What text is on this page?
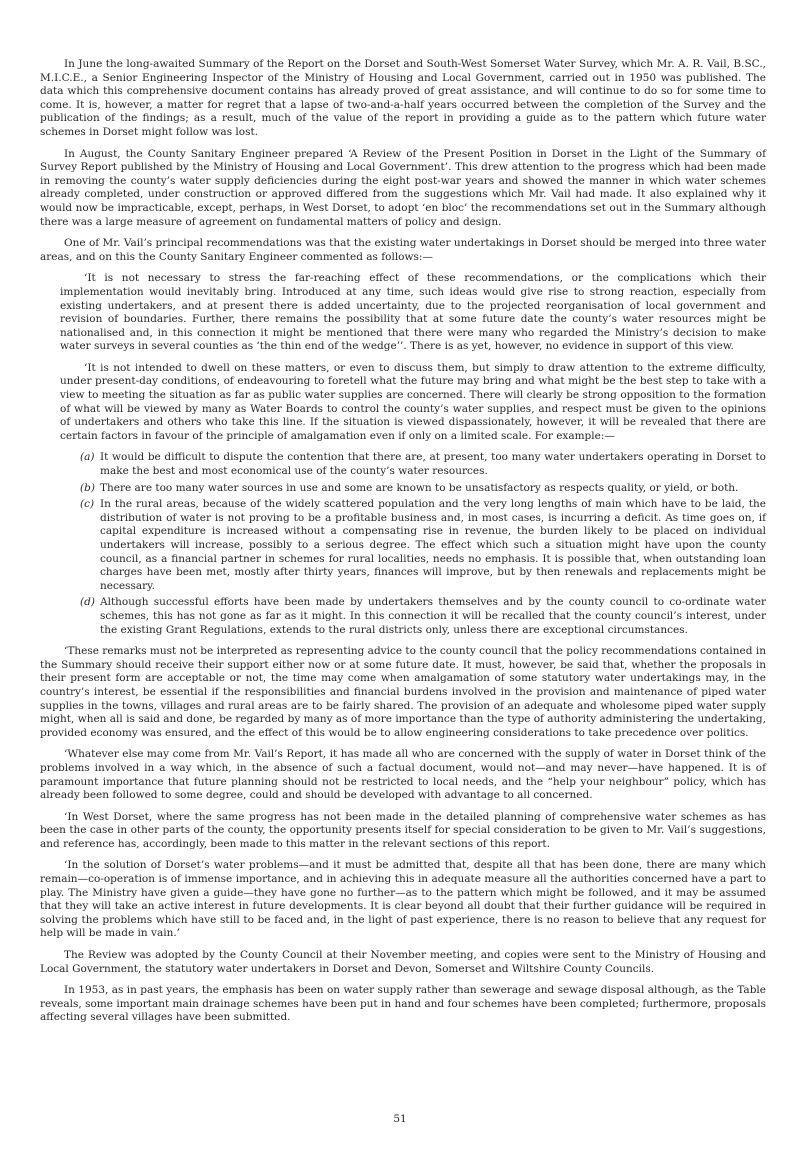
In June the long-awaited Summary of the Report on the Dorset and South-West Somerset Water Survey, which Mr. A. R. Vail, B.SC., M.I.C.E., a Senior Engineering Inspector of the Ministry of Housing and Local Government, carried out in 1950 was published. The data which this comprehensive document contains has already proved of great assistance, and will continue to do so for some time to come. It is, however, a matter for regret that a lapse of two-and-a-half years occurred between the completion of the Survey and the publication of the findings; as a result, much of the value of the report in providing a guide as to the pattern which future water schemes in Dorset might follow was lost.

In August, the County Sanitary Engineer prepared ‘A Review of the Present Position in Dorset in the Light of the Summary of Survey Report published by the Ministry of Housing and Local Government’. This drew attention to the progress which had been made in removing the county’s water supply deficiencies during the eight post-war years and showed the manner in which water schemes already completed, under construction or approved differed from the suggestions which Mr. Vail had made. It also explained why it would now be impracticable, except, perhaps, in West Dorset, to adopt ‘en bloc’ the recommendations set out in the Summary although there was a large measure of agreement on fundamental matters of policy and design.

One of Mr. Vail’s principal recommendations was that the existing water undertakings in Dorset should be merged into three water areas, and on this the County Sanitary Engineer commented as follows:—

‘It is not necessary to stress the far-reaching effect of these recommendations, or the complications which their implementation would inevitably bring. Introduced at any time, such ideas would give rise to strong reaction, especially from existing undertakers, and at present there is added uncertainty, due to the projected reorganisation of local government and revision of boundaries. Further, there remains the possibility that at some future date the county’s water resources might be nationalised and, in this connection it might be mentioned that there were many who regarded the Ministry’s decision to make water surveys in several counties as ‘the thin end of the wedge’’. There is as yet, however, no evidence in support of this view.

‘It is not intended to dwell on these matters, or even to discuss them, but simply to draw attention to the extreme difficulty, under present-day conditions, of endeavouring to foretell what the future may bring and what might be the best step to take with a view to meeting the situation as far as public water supplies are concerned. There will clearly be strong opposition to the formation of what will be viewed by many as Water Boards to control the county’s water supplies, and respect must be given to the opinions of undertakers and others who take this line. If the situation is viewed dispassionately, however, it will be revealed that there are certain factors in favour of the principle of amalgamation even if only on a limited scale. For example:—

(a) It would be difficult to dispute the contention that there are, at present, too many water undertakers operating in Dorset to make the best and most economical use of the county’s water resources.
(b) There are too many water sources in use and some are known to be unsatisfactory as respects quality, or yield, or both.
(c) In the rural areas, because of the widely scattered population and the very long lengths of main which have to be laid, the distribution of water is not proving to be a profitable business and, in most cases, is incurring a deficit. As time goes on, if capital expenditure is increased without a compensating rise in revenue, the burden likely to be placed on individual undertakers will increase, possibly to a serious degree. The effect which such a situation might have upon the county council, as a financial partner in schemes for rural localities, needs no emphasis. It is possible that, when outstanding loan charges have been met, mostly after thirty years, finances will improve, but by then renewals and replacements might be necessary.
(d) Although successful efforts have been made by undertakers themselves and by the county council to co-ordinate water schemes, this has not gone as far as it might. In this connection it will be recalled that the county council’s interest, under the existing Grant Regulations, extends to the rural districts only, unless there are exceptional circumstances.

‘These remarks must not be interpreted as representing advice to the county council that the policy recommendations contained in the Summary should receive their support either now or at some future date. It must, however, be said that, whether the proposals in their present form are acceptable or not, the time may come when amalgamation of some statutory water undertakings may, in the country’s interest, be essential if the responsibilities and financial burdens involved in the provision and maintenance of piped water supplies in the towns, villages and rural areas are to be fairly shared. The provision of an adequate and wholesome piped water supply might, when all is said and done, be regarded by many as of more importance than the type of authority administering the undertaking, provided economy was ensured, and the effect of this would be to allow engineering considerations to take precedence over politics.

‘Whatever else may come from Mr. Vail’s Report, it has made all who are concerned with the supply of water in Dorset think of the problems involved in a way which, in the absence of such a factual document, would not—and may never—have happened. It is of paramount importance that future planning should not be restricted to local needs, and the “help your neighbour” policy, which has already been followed to some degree, could and should be developed with advantage to all concerned.

‘In West Dorset, where the same progress has not been made in the detailed planning of comprehensive water schemes as has been the case in other parts of the county, the opportunity presents itself for special consideration to be given to Mr. Vail’s suggestions, and reference has, accordingly, been made to this matter in the relevant sections of this report.

‘In the solution of Dorset’s water problems—and it must be admitted that, despite all that has been done, there are many which remain—co-operation is of immense importance, and in achieving this in adequate measure all the authorities concerned have a part to play. The Ministry have given a guide—they have gone no further—as to the pattern which might be followed, and it may be assumed that they will take an active interest in future developments. It is clear beyond all doubt that their further guidance will be required in solving the problems which have still to be faced and, in the light of past experience, there is no reason to believe that any request for help will be made in vain.’

The Review was adopted by the County Council at their November meeting, and copies were sent to the Ministry of Housing and Local Government, the statutory water undertakers in Dorset and Devon, Somerset and Wiltshire County Councils.

In 1953, as in past years, the emphasis has been on water supply rather than sewerage and sewage disposal although, as the Table reveals, some important main drainage schemes have been put in hand and four schemes have been completed; furthermore, proposals affecting several villages have been submitted.

51
